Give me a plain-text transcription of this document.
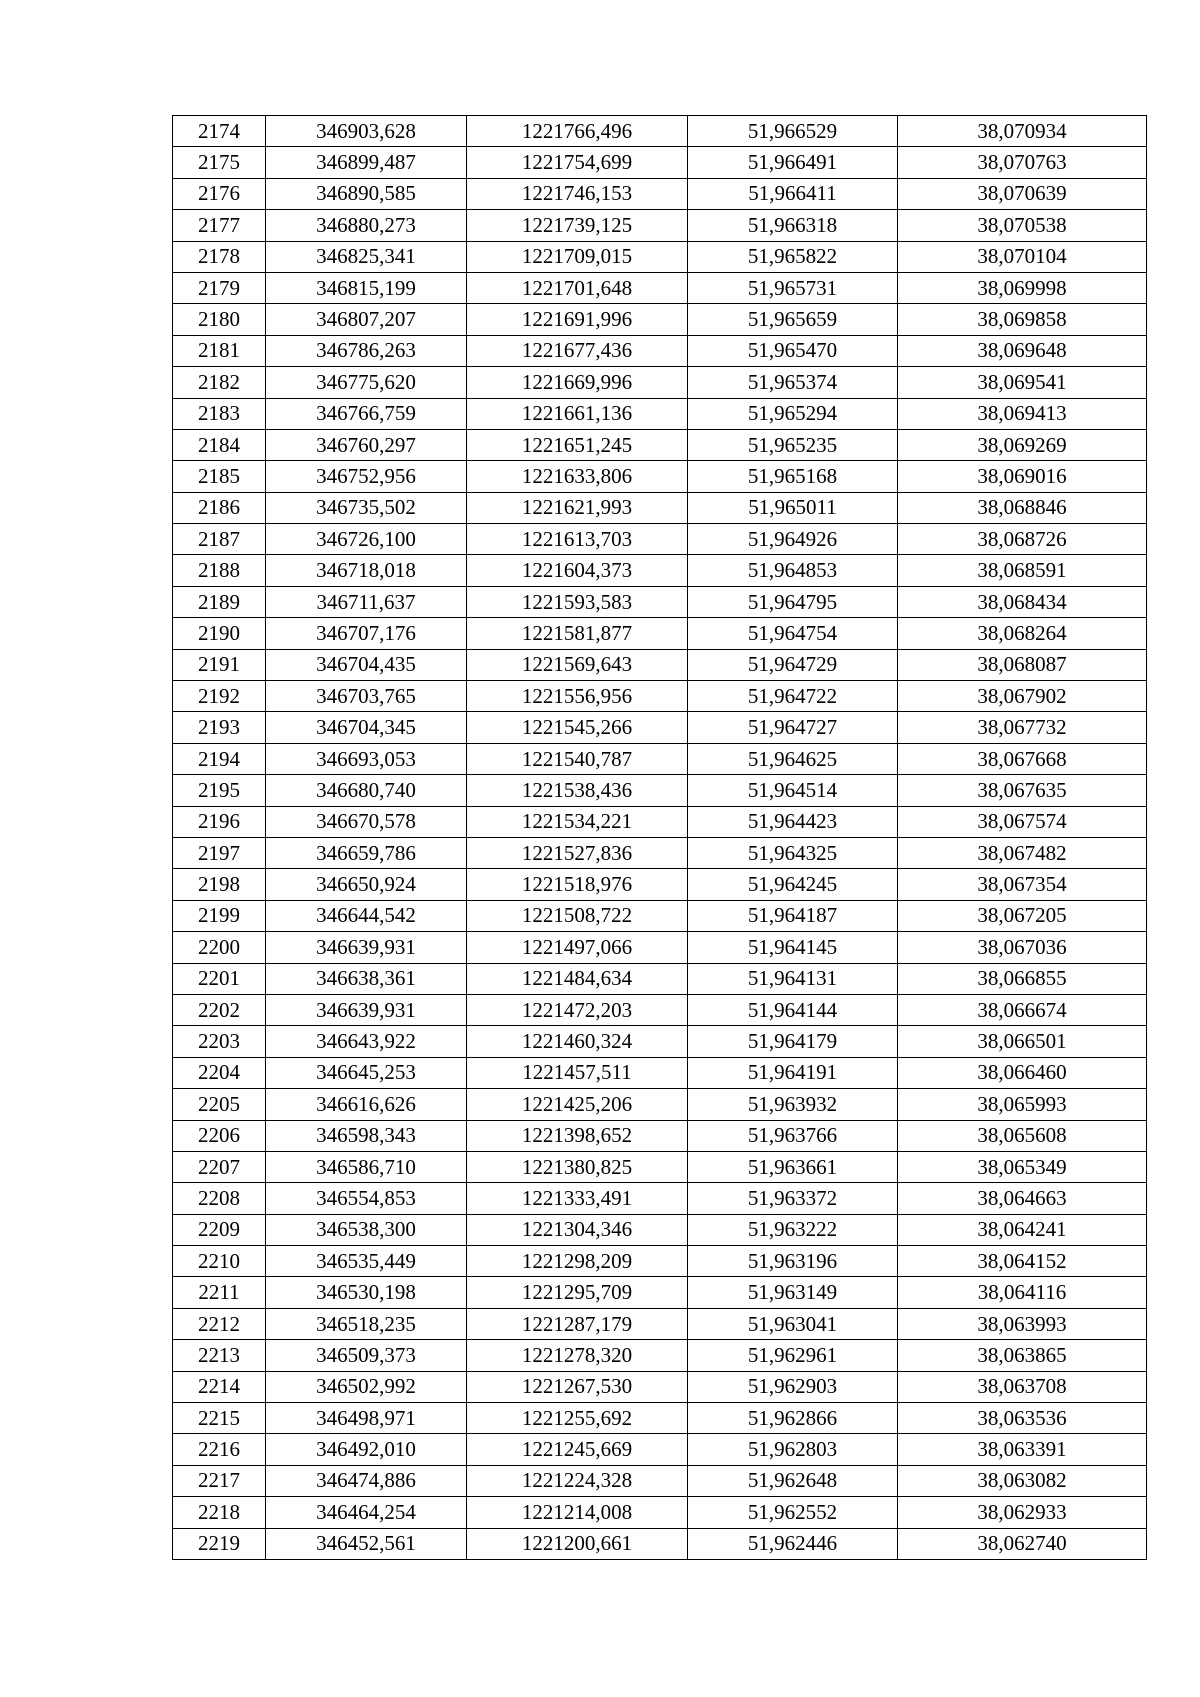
2174	346903,628	1221766,496	51,966529	38,070934
2175	346899,487	1221754,699	51,966491	38,070763
2176	346890,585	1221746,153	51,966411	38,070639
2177	346880,273	1221739,125	51,966318	38,070538
2178	346825,341	1221709,015	51,965822	38,070104
2179	346815,199	1221701,648	51,965731	38,069998
2180	346807,207	1221691,996	51,965659	38,069858
2181	346786,263	1221677,436	51,965470	38,069648
2182	346775,620	1221669,996	51,965374	38,069541
2183	346766,759	1221661,136	51,965294	38,069413
2184	346760,297	1221651,245	51,965235	38,069269
2185	346752,956	1221633,806	51,965168	38,069016
2186	346735,502	1221621,993	51,965011	38,068846
2187	346726,100	1221613,703	51,964926	38,068726
2188	346718,018	1221604,373	51,964853	38,068591
2189	346711,637	1221593,583	51,964795	38,068434
2190	346707,176	1221581,877	51,964754	38,068264
2191	346704,435	1221569,643	51,964729	38,068087
2192	346703,765	1221556,956	51,964722	38,067902
2193	346704,345	1221545,266	51,964727	38,067732
2194	346693,053	1221540,787	51,964625	38,067668
2195	346680,740	1221538,436	51,964514	38,067635
2196	346670,578	1221534,221	51,964423	38,067574
2197	346659,786	1221527,836	51,964325	38,067482
2198	346650,924	1221518,976	51,964245	38,067354
2199	346644,542	1221508,722	51,964187	38,067205
2200	346639,931	1221497,066	51,964145	38,067036
2201	346638,361	1221484,634	51,964131	38,066855
2202	346639,931	1221472,203	51,964144	38,066674
2203	346643,922	1221460,324	51,964179	38,066501
2204	346645,253	1221457,511	51,964191	38,066460
2205	346616,626	1221425,206	51,963932	38,065993
2206	346598,343	1221398,652	51,963766	38,065608
2207	346586,710	1221380,825	51,963661	38,065349
2208	346554,853	1221333,491	51,963372	38,064663
2209	346538,300	1221304,346	51,963222	38,064241
2210	346535,449	1221298,209	51,963196	38,064152
2211	346530,198	1221295,709	51,963149	38,064116
2212	346518,235	1221287,179	51,963041	38,063993
2213	346509,373	1221278,320	51,962961	38,063865
2214	346502,992	1221267,530	51,962903	38,063708
2215	346498,971	1221255,692	51,962866	38,063536
2216	346492,010	1221245,669	51,962803	38,063391
2217	346474,886	1221224,328	51,962648	38,063082
2218	346464,254	1221214,008	51,962552	38,062933
2219	346452,561	1221200,661	51,962446	38,062740
